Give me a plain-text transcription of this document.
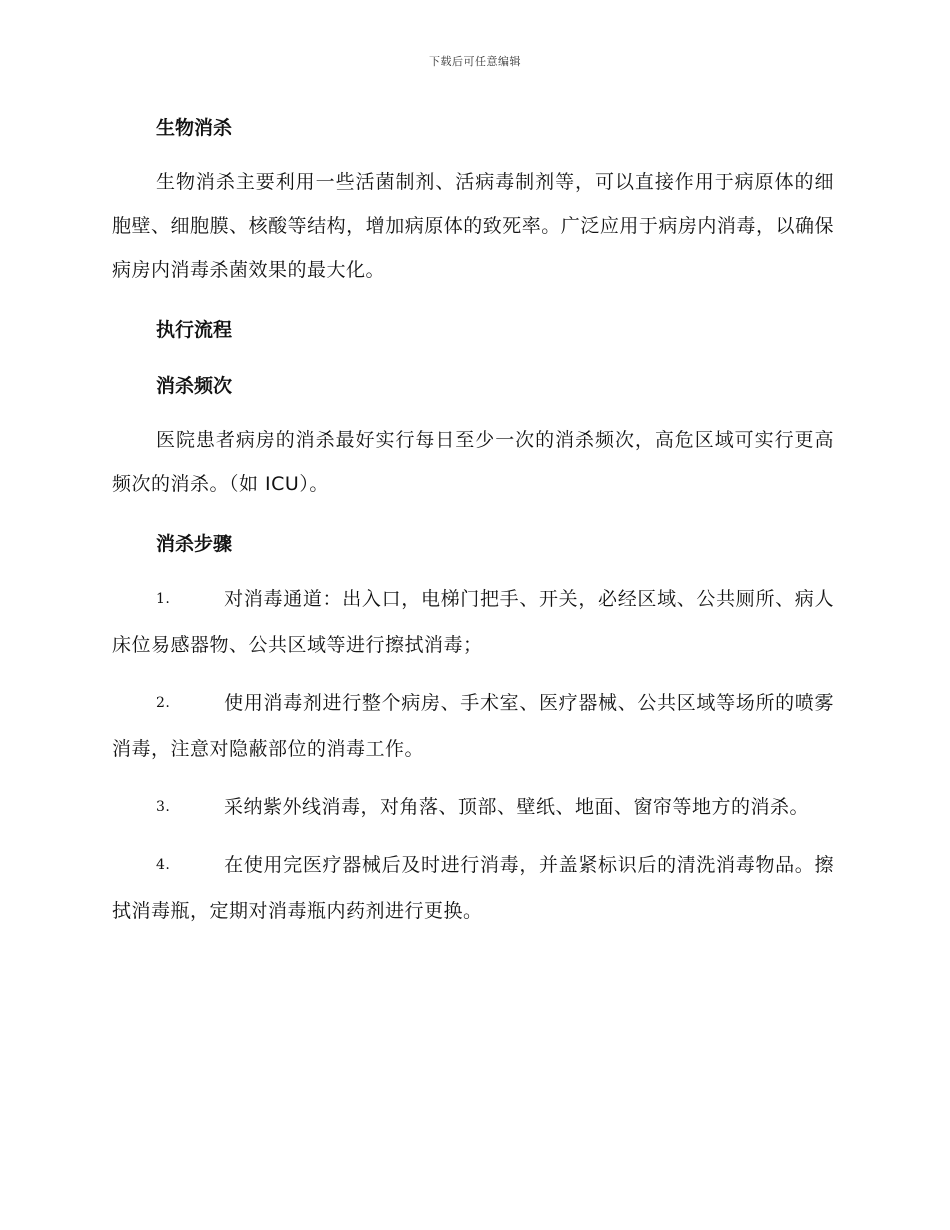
下载后可任意编辑
生物消杀

生物消杀主要利用一些活菌制剂、活病毒制剂等，可以直接作用于病原体的细胞壁、细胞膜、核酸等结构，增加病原体的致死率。广泛应用于病房内消毒，以确保病房内消毒杀菌效果的最大化。

执行流程
消杀频次

医院患者病房的消杀最好实行每日至少一次的消杀频次，高危区域可实行更高频次的消杀。（如 ICU）。

消杀步骤

1.	对消毒通道：出入口，电梯门把手、开关，必经区域、公共厕所、病人床位易感器物、公共区域等进行擦拭消毒；

2.	使用消毒剂进行整个病房、手术室、医疗器械、公共区域等场所的喷雾消毒，注意对隐蔽部位的消毒工作。

3.	采纳紫外线消毒，对角落、顶部、壁纸、地面、窗帘等地方的消杀。

4.	在使用完医疗器械后及时进行消毒，并盖紧标识后的清洗消毒物品。擦拭消毒瓶，定期对消毒瓶内药剂进行更换。
